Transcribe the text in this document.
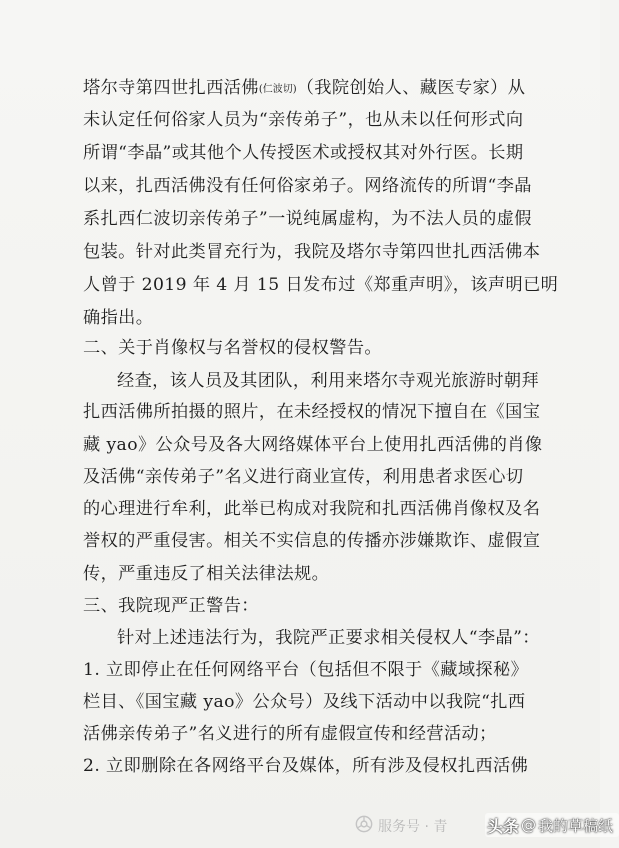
塔尔寺第四世扎西活佛(仁波切)（我院创始人、藏医专家）从
未认定任何俗家人员为“亲传弟子”，也从未以任何形式向
所谓“李晶”或其他个人传授医术或授权其对外行医。长期
以来，扎西活佛没有任何俗家弟子。网络流传的所谓“李晶
系扎西仁波切亲传弟子”一说纯属虚构，为不法人员的虚假
包装。针对此类冒充行为，我院及塔尔寺第四世扎西活佛本
人曾于 2019 年 4 月 15 日发布过《郑重声明》，该声明已明
确指出。
二、关于肖像权与名誉权的侵权警告。
经查，该人员及其团队，利用来塔尔寺观光旅游时朝拜
扎西活佛所拍摄的照片，在未经授权的情况下擅自在《国宝
藏 yao》公众号及各大网络媒体平台上使用扎西活佛的肖像
及活佛“亲传弟子”名义进行商业宣传，利用患者求医心切
的心理进行牟利，此举已构成对我院和扎西活佛肖像权及名
誉权的严重侵害。相关不实信息的传播亦涉嫌欺诈、虚假宣
传，严重违反了相关法律法规。
三、我院现严正警告：
针对上述违法行为，我院严正要求相关侵权人“李晶”：
1. 立即停止在任何网络平台（包括但不限于《藏域探秘》
栏目、《国宝藏 yao》公众号）及线下活动中以我院“扎西
活佛亲传弟子”名义进行的所有虚假宣传和经营活动；
2. 立即删除在各网络平台及媒体，所有涉及侵权扎西活佛
服务号 · 青 头条 @ 我的草稿纸
